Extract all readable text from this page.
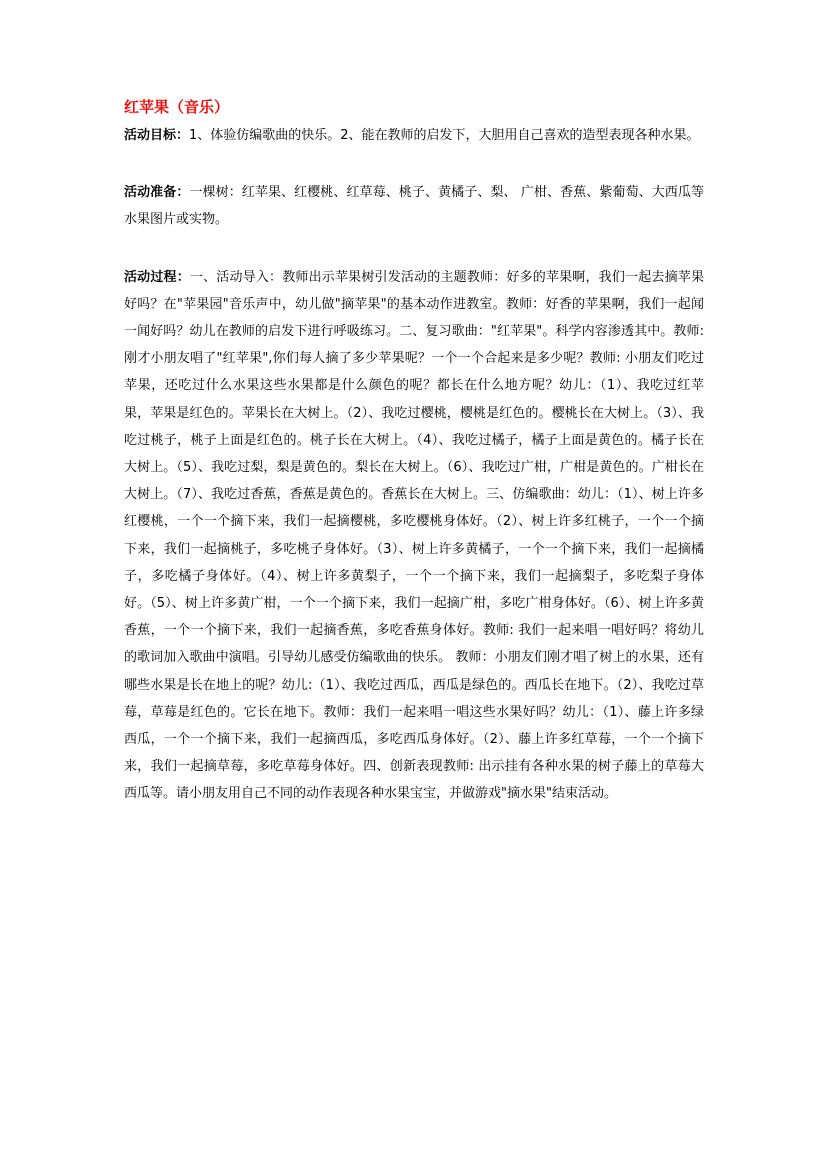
红苹果（音乐）

活动目标：1、体验仿编歌曲的快乐。2、能在教师的启发下，大胆用自己喜欢的造型表现各种水果。

活动准备：一棵树：红苹果、红樱桃、红草莓、桃子、黄橘子、梨、 广柑、香蕉、紫葡萄、大西瓜等水果图片或实物。

活动过程：一、活动导入：教师出示苹果树引发活动的主题教师：好多的苹果啊，我们一起去摘苹果好吗？在"苹果园"音乐声中，幼儿做"摘苹果"的基本动作进教室。教师：好香的苹果啊，我们一起闻一闻好吗？幼儿在教师的启发下进行呼吸练习。二、复习歌曲："红苹果"。科学内容渗透其中。教师: 刚才小朋友唱了"红苹果",你们每人摘了多少苹果呢？一个一个合起来是多少呢？教师: 小朋友们吃过苹果，还吃过什么水果这些水果都是什么颜色的呢？都长在什么地方呢？幼儿：（1）、我吃过红苹果，苹果是红色的。苹果长在大树上。（2）、我吃过樱桃，樱桃是红色的。樱桃长在大树上。（3）、我吃过桃子，桃子上面是红色的。桃子长在大树上。（4）、我吃过橘子，橘子上面是黄色的。橘子长在大树上。（5）、我吃过梨，梨是黄色的。梨长在大树上。（6）、我吃过广柑，广柑是黄色的。广柑长在大树上。（7）、我吃过香蕉，香蕉是黄色的。香蕉长在大树上。三、仿编歌曲：幼儿：（1）、树上许多红樱桃，一个一个摘下来，我们一起摘樱桃，多吃樱桃身体好。（2）、树上许多红桃子，一个一个摘下来，我们一起摘桃子，多吃桃子身体好。（3）、树上许多黄橘子，一个一个摘下来，我们一起摘橘子，多吃橘子身体好。（4）、树上许多黄梨子，一个一个摘下来，我们一起摘梨子，多吃梨子身体好。（5）、树上许多黄广柑，一个一个摘下来，我们一起摘广柑，多吃广柑身体好。（6）、树上许多黄香蕉，一个一个摘下来，我们一起摘香蕉，多吃香蕉身体好。教师: 我们一起来唱一唱好吗？将幼儿的歌词加入歌曲中演唱。引导幼儿感受仿编歌曲的快乐。 教师：小朋友们刚才唱了树上的水果，还有哪些水果是长在地上的呢？幼儿:（1）、我吃过西瓜，西瓜是绿色的。西瓜长在地下。（2）、我吃过草莓，草莓是红色的。它长在地下。教师：我们一起来唱一唱这些水果好吗？幼儿：（1）、藤上许多绿西瓜，一个一个摘下来，我们一起摘西瓜，多吃西瓜身体好。（2）、藤上许多红草莓，一个一个摘下来，我们一起摘草莓，多吃草莓身体好。四、创新表现教师: 出示挂有各种水果的树子藤上的草莓大西瓜等。请小朋友用自己不同的动作表现各种水果宝宝，并做游戏"摘水果"结束活动。
